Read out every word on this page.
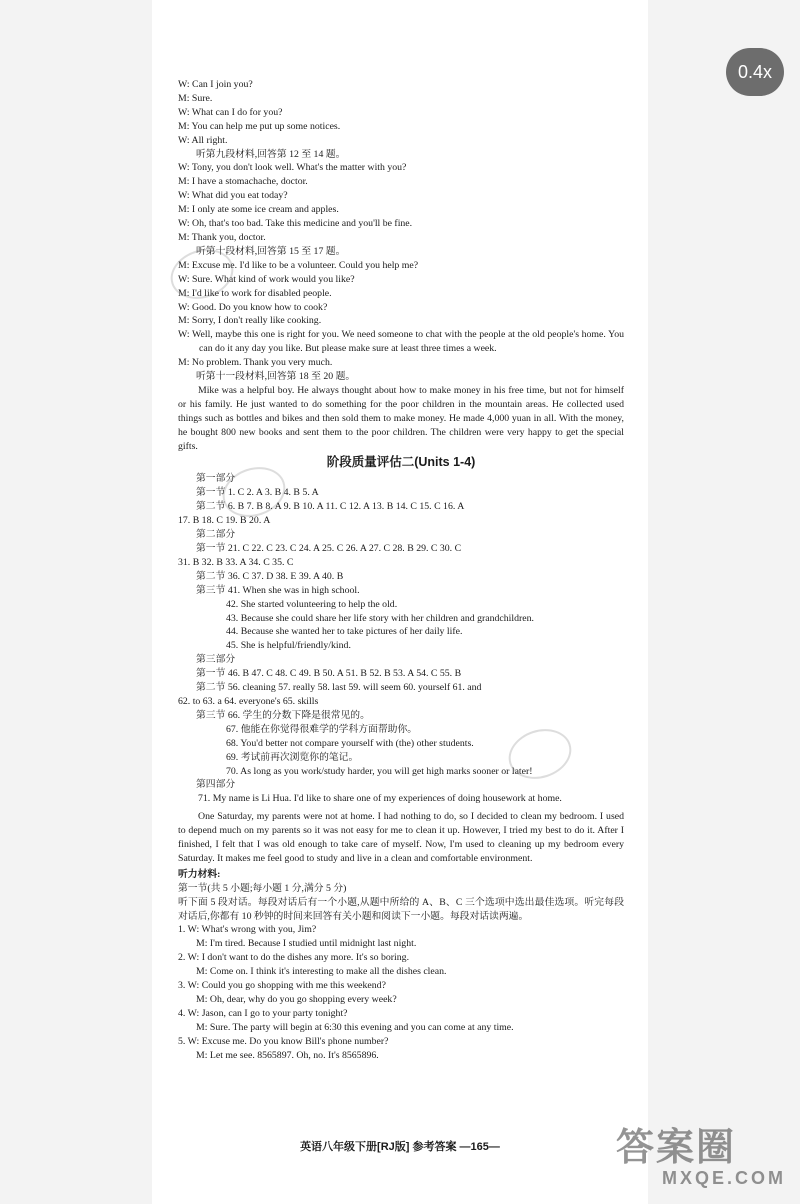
0.4x
W: Can I join you?
M: Sure.
W: What can I do for you?
M: You can help me put up some notices.
W: All right.
听第九段材料,回答第 12 至 14 题。
W: Tony, you don't look well. What's the matter with you?
M: I have a stomachache, doctor.
W: What did you eat today?
M: I only ate some ice cream and apples.
W: Oh, that's too bad. Take this medicine and you'll be fine.
M: Thank you, doctor.
听第十段材料,回答第 15 至 17 题。
M: Excuse me. I'd like to be a volunteer. Could you help me?
W: Sure. What kind of work would you like?
M: I'd like to work for disabled people.
W: Good. Do you know how to cook?
M: Sorry, I don't really like cooking.
W: Well, maybe this one is right for you. We need someone to chat with the people at the old people's home. You can do it any day you like. But please make sure at least three times a week.
M: No problem. Thank you very much.
听第十一段材料,回答第 18 至 20 题。
Mike was a helpful boy. He always thought about how to make money in his free time, but not for himself or his family. He just wanted to do something for the poor children in the mountain areas. He collected used things such as bottles and bikes and then sold them to make money. He made 4,000 yuan in all. With the money, he bought 800 new books and sent them to the poor children. The children were very happy to get the special gifts.
阶段质量评估二(Units 1-4)
第一部分
第一节 1. C 2. A 3. B 4. B 5. A
第二节 6. B 7. B 8. A 9. B 10. A 11. C 12. A 13. B 14. C 15. C 16. A
17. B 18. C 19. B 20. A
第二部分
第一节 21. C 22. C 23. C 24. A 25. C 26. A 27. C 28. B 29. C 30. C
31. B 32. B 33. A 34. C 35. C
第二节 36. C 37. D 38. E 39. A 40. B
第三节 41. When she was in high school.
42. She started volunteering to help the old.
43. Because she could share her life story with her children and grandchildren.
44. Because she wanted her to take pictures of her daily life.
45. She is helpful/friendly/kind.
第三部分
第一节 46. B 47. C 48. C 49. B 50. A 51. B 52. B 53. A 54. C 55. B
第二节 56. cleaning 57. really 58. last 59. will seem 60. yourself 61. and
62. to 63. a 64. everyone's 65. skills
第三节 66. 学生的分数下降是很常见的。
67. 他能在你觉得很难学的学科方面帮助你。
68. You'd better not compare yourself with (the) other students.
69. 考试前再次浏览你的笔记。
70. As long as you work/study harder, you will get high marks sooner or later!
第四部分
71. My name is Li Hua. I'd like to share one of my experiences of doing housework at home.
One Saturday, my parents were not at home. I had nothing to do, so I decided to clean my bedroom. I used to depend much on my parents so it was not easy for me to clean it up. However, I tried my best to do it. After I finished, I felt that I was old enough to take care of myself. Now, I'm used to cleaning up my bedroom every Saturday. It makes me feel good to study and live in a clean and comfortable environment.
听力材料:
第一节(共 5 小题;每小题 1 分,满分 5 分)
听下面 5 段对话。每段对话后有一个小题,从题中所给的 A、B、C 三个选项中选出最佳选项。听完每段对话后,你都有 10 秒钟的时间来回答有关小题和阅读下一小题。每段对话读两遍。
1. W: What's wrong with you, Jim?
M: I'm tired. Because I studied until midnight last night.
2. W: I don't want to do the dishes any more. It's so boring.
M: Come on. I think it's interesting to make all the dishes clean.
3. W: Could you go shopping with me this weekend?
M: Oh, dear, why do you go shopping every week?
4. W: Jason, can I go to your party tonight?
M: Sure. The party will begin at 6:30 this evening and you can come at any time.
5. W: Excuse me. Do you know Bill's phone number?
M: Let me see. 8565897. Oh, no. It's 8565896.
英语八年级下册[RJ版] 参考答案 —165—	答案圈
MXQE.COM
